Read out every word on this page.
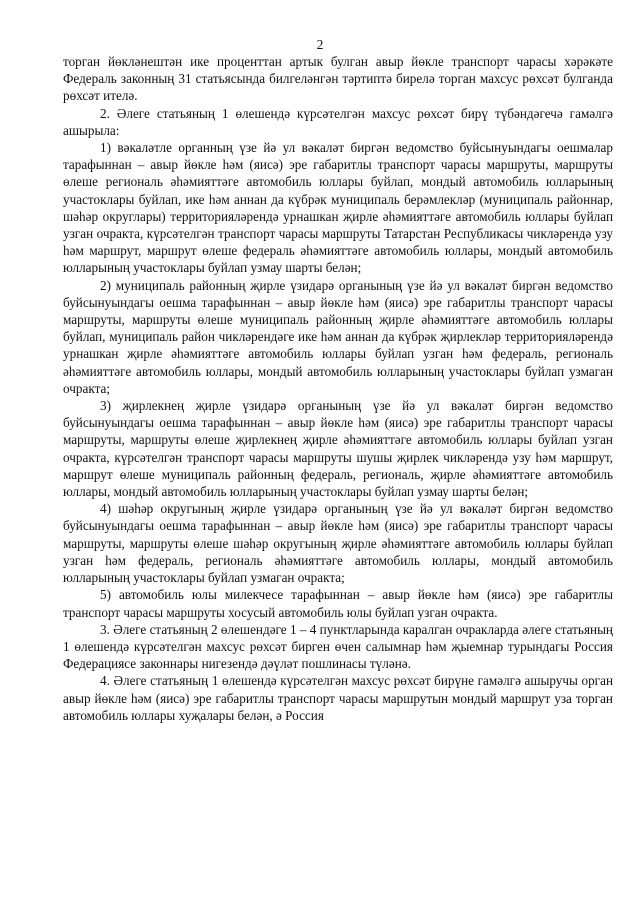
2

торган йөкләнештән ике проценттан артык булган авыр йөкле транспорт чарасы хәрәкәте Федераль законның 31 статьясында билгеләнгән тәртиптә бирелә торган махсус рөхсәт булганда рөхсәт ителә.

2. Әлеге статьяның 1 өлешендә күрсәтелгән махсус рөхсәт бирү түбәндәгечә гамәлгә ашырыла:

1) вәкаләтле органның үзе йә ул вәкаләт биргән ведомство буйсынуындагы оешмалар тарафыннан – авыр йөкле һәм (яисә) эре габаритлы транспорт чарасы маршруты, маршруты өлеше региональ әһәмияттәге автомобиль юллары буйлап, мондый автомобиль юлларының участоклары буйлап, ике һәм аннан да күбрәк муниципаль берәмлекләр (муниципаль районнар, шәһәр округлары) территорияләрендә урнашкан җирле әһәмияттәге автомобиль юллары буйлап узган очракта, күрсәтелгән транспорт чарасы маршруты Татарстан Республикасы чикләрендә узу һәм маршрут, маршрут өлеше федераль әһәмияттәге автомобиль юллары, мондый автомобиль юлларының участоклары буйлап узмау шарты белән;

2) муниципаль районның җирле үзидарә органының үзе йә ул вәкаләт биргән ведомство буйсынуындагы оешма тарафыннан – авыр йөкле һәм (яисә) эре габаритлы транспорт чарасы маршруты, маршруты өлеше муниципаль районның җирле әһәмияттәге автомобиль юллары буйлап, муниципаль район чикләрендәге ике һәм аннан да күбрәк җирлекләр территорияләрендә урнашкан җирле әһәмияттәге автомобиль юллары буйлап узган һәм федераль, региональ әһәмияттәге автомобиль юллары, мондый автомобиль юлларының участоклары буйлап узмаган очракта;

3) җирлекнең җирле үзидарә органының үзе йә ул вәкаләт биргән ведомство буйсынуындагы оешма тарафыннан – авыр йөкле һәм (яисә) эре габаритлы транспорт чарасы маршруты, маршруты өлеше җирлекнең җирле әһәмияттәге автомобиль юллары буйлап узган очракта, күрсәтелгән транспорт чарасы маршруты шушы җирлек чикләрендә узу һәм маршрут, маршрут өлеше муниципаль районның федераль, региональ, җирле әһәмияттәге автомобиль юллары, мондый автомобиль юлларының участоклары буйлап узмау шарты белән;

4) шәһәр округының җирле үзидарә органының үзе йә ул вәкаләт биргән ведомство буйсынуындагы оешма тарафыннан – авыр йөкле һәм (яисә) эре габаритлы транспорт чарасы маршруты, маршруты өлеше шәһәр округының җирле әһәмияттәге автомобиль юллары буйлап узган һәм федераль, региональ әһәмияттәге автомобиль юллары, мондый автомобиль юлларының участоклары буйлап узмаган очракта;

5) автомобиль юлы милекчесе тарафыннан – авыр йөкле һәм (яисә) эре габаритлы транспорт чарасы маршруты хосусый автомобиль юлы буйлап узган очракта.

3. Әлеге статьяның 2 өлешендәге 1 – 4 пунктларында каралган очракларда әлеге статьяның 1 өлешендә күрсәтелгән махсус рөхсәт бирген өчен салымнар һәм җыемнар турындагы Россия Федерациясе законнары нигезендә дәүләт пошлинасы түләнә.

4. Әлеге статьяның 1 өлешендә күрсәтелгән махсус рөхсәт бирүне гамәлгә ашыручы орган авыр йөкле һәм (яисә) эре габаритлы транспорт чарасы маршрутын мондый маршрут уза торган автомобиль юллары хуҗалары белән, ә Россия
